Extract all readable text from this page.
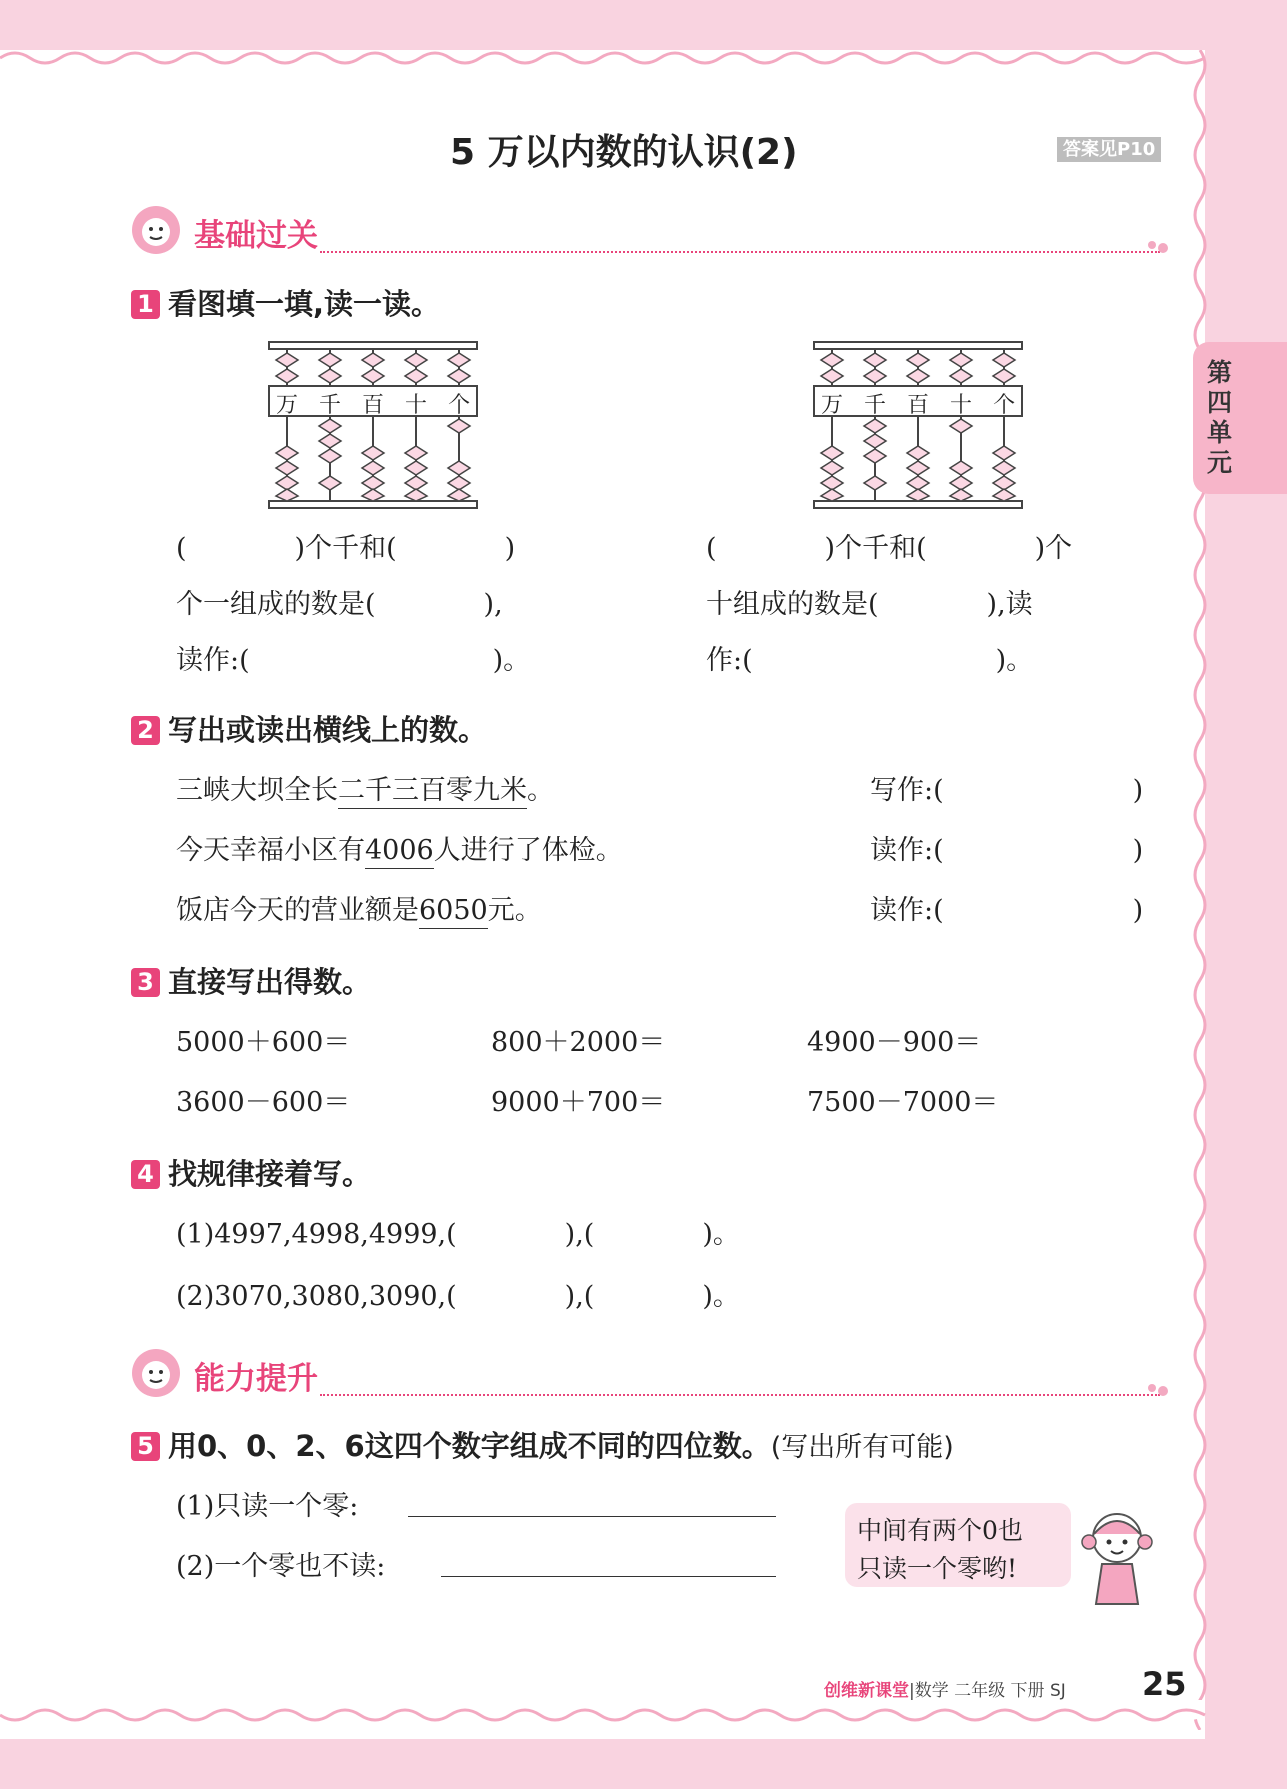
第四单元
5 万以内数的认识(2)	答案见P10
基础过关
1 看图填一填,读一读。
万千百十个	万千百十个
(　　　　)个千和(　　　　)
个一组成的数是(　　　　),
读作:(　　　　　　　　　)。
(　　　　)个千和(　　　　)个
十组成的数是(　　　　),读
作:(　　　　　　　　　)。
2 写出或读出横线上的数。
三峡大坝全长二千三百零九米。	写作:(　　　　　　　)
今天幸福小区有4006人进行了体检。	读作:(　　　　　　　)
饭店今天的营业额是6050元。	读作:(　　　　　　　)
3 直接写出得数。
5000＋600＝	800＋2000＝	4900－900＝
3600－600＝	9000＋700＝	7500－7000＝
4 找规律接着写。
(1)4997,4998,4999,(　　　　),(　　　　)。
(2)3070,3080,3090,(　　　　),(　　　　)。
能力提升
5 用0、0、2、6这四个数字组成不同的四位数。(写出所有可能)
(1)只读一个零:
(2)一个零也不读:
中间有两个0也
只读一个零哟!
创维新课堂|数学 二年级 下册 SJ 25
